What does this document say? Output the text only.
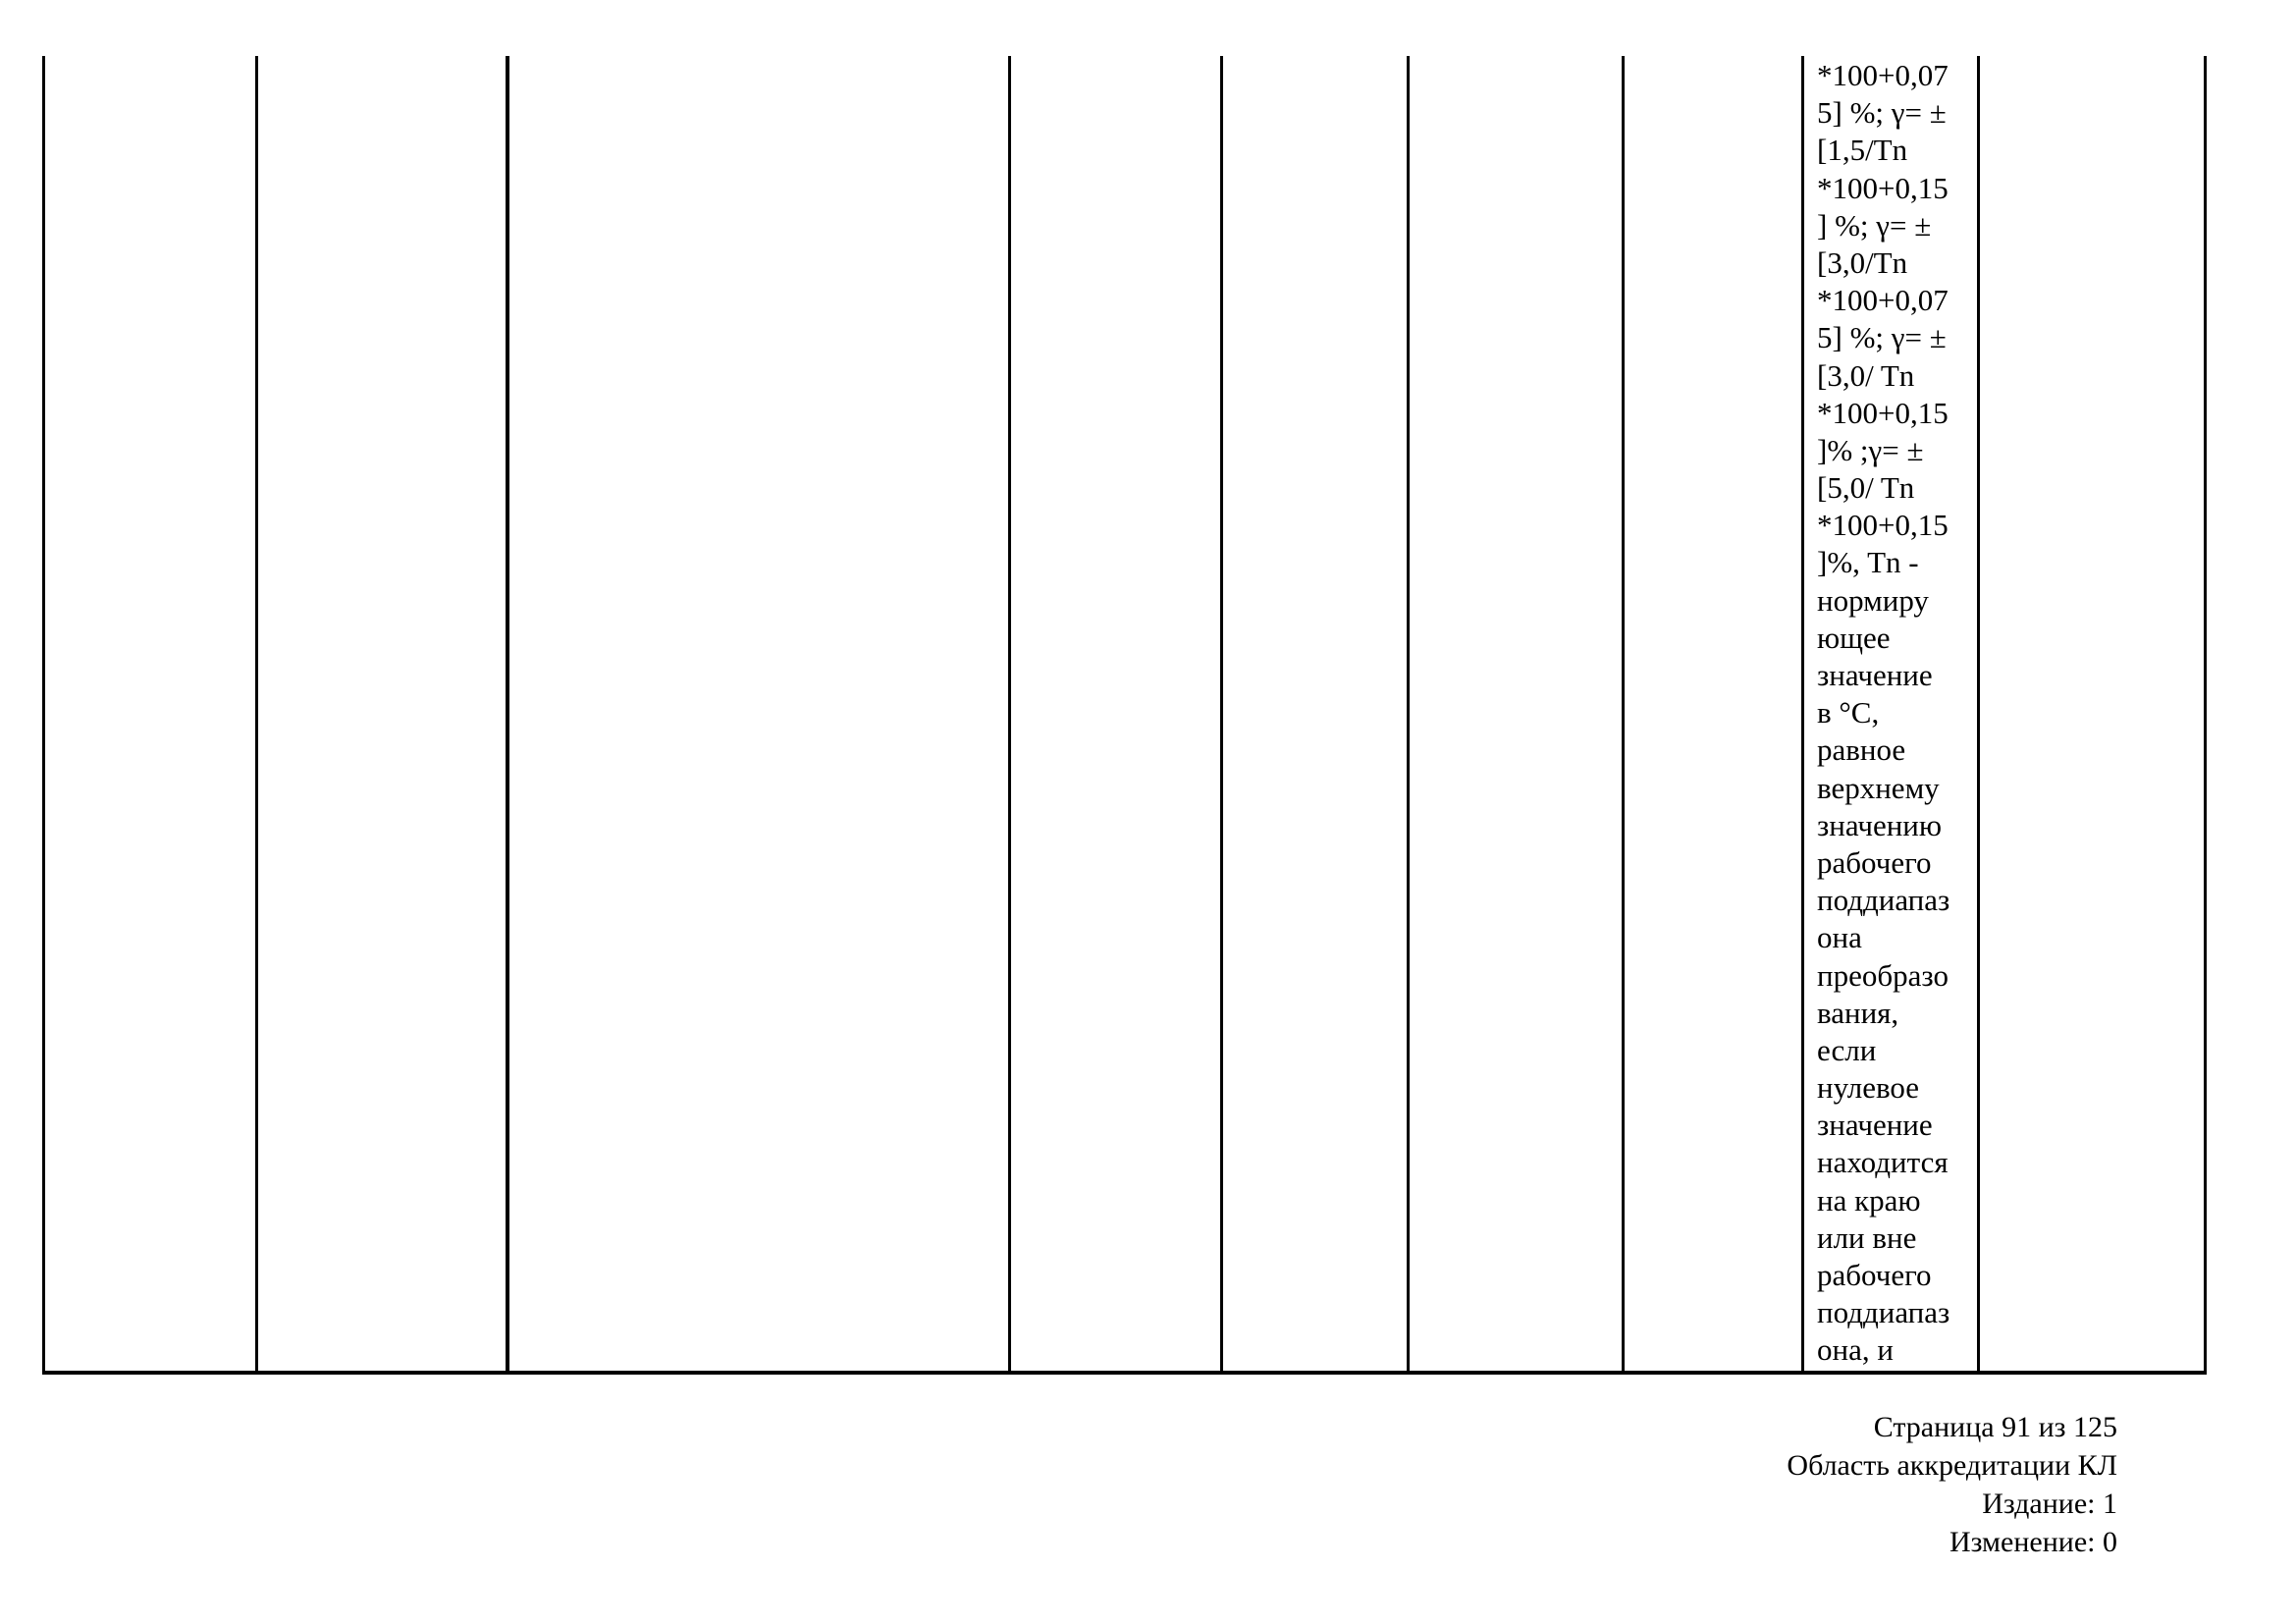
*100+0,07
5] %; γ= ±
[1,5/Tn
*100+0,15
] %; γ= ±
[3,0/Tn
*100+0,07
5] %; γ= ±
[3,0/ Tn
*100+0,15
]% ;γ= ±
[5,0/ Tn
*100+0,15
]%, Tn -
нормиру
ющее
значение
в °С,
равное
верхнему
значению
рабочего
поддиапаз
она
преобразо
вания,
если
нулевое
значение
находится
на краю
или вне
рабочего
поддиапаз
она, и
Страница 91 из 125
Область аккредитации КЛ
Издание: 1
Изменение: 0
